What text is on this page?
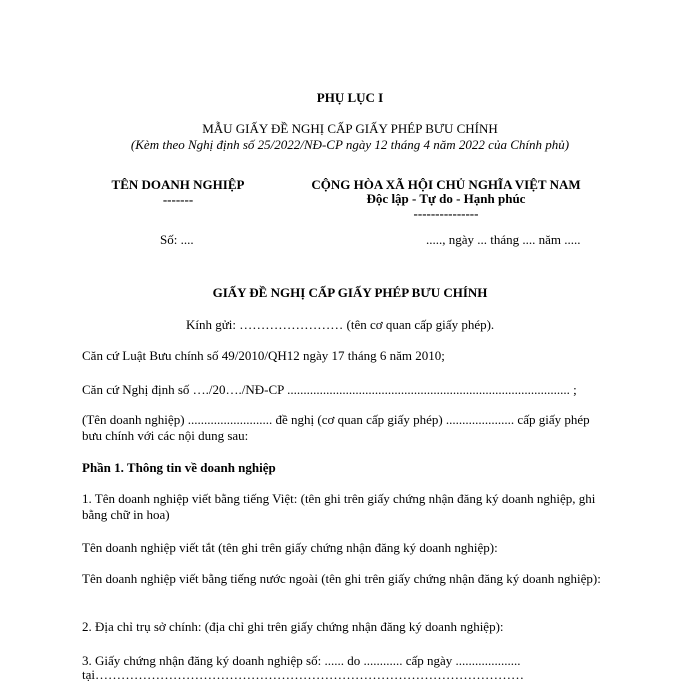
PHỤ LỤC I
MẪU GIẤY ĐỀ NGHỊ CẤP GIẤY PHÉP BƯU CHÍNH
(Kèm theo Nghị định số 25/2022/NĐ-CP ngày 12 tháng 4 năm 2022 của Chính phủ)
TÊN DOANH NGHIỆP
-------
CỘNG HÒA XÃ HỘI CHỦ NGHĨA VIỆT NAM
Độc lập - Tự do - Hạnh phúc
---------------
Số: ....	....., ngày ... tháng .... năm .....
GIẤY ĐỀ NGHỊ CẤP GIẤY PHÉP BƯU CHÍNH
Kính gửi: …………………… (tên cơ quan cấp giấy phép).
Căn cứ Luật Bưu chính số 49/2010/QH12 ngày 17 tháng 6 năm 2010;
Căn cứ Nghị định số …./20…./NĐ-CP ....................................................................................... ;
(Tên doanh nghiệp) .......................... đề nghị (cơ quan cấp giấy phép) ..................... cấp giấy phép bưu chính với các nội dung sau:
Phần 1. Thông tin về doanh nghiệp
1. Tên doanh nghiệp viết bằng tiếng Việt: (tên ghi trên giấy chứng nhận đăng ký doanh nghiệp, ghi bằng chữ in hoa)
Tên doanh nghiệp viết tắt (tên ghi trên giấy chứng nhận đăng ký doanh nghiệp):
Tên doanh nghiệp viết bằng tiếng nước ngoài (tên ghi trên giấy chứng nhận đăng ký doanh nghiệp):
2. Địa chỉ trụ sở chính: (địa chỉ ghi trên giấy chứng nhận đăng ký doanh nghiệp):
3. Giấy chứng nhận đăng ký doanh nghiệp số: ...... do ............ cấp ngày ....................
tại………………………………………………………………………………………
